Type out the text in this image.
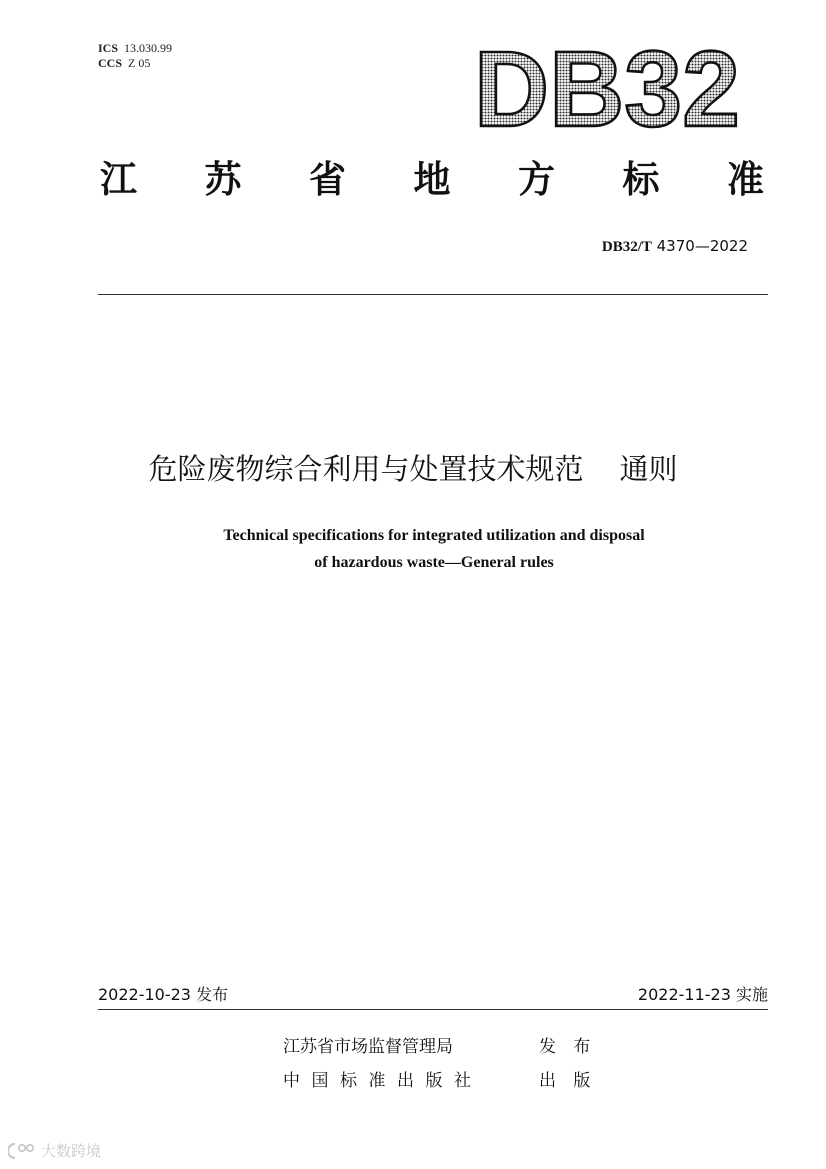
ICS 13.030.99
CCS Z 05	DB32
江 苏 省 地 方 标 准
DB32/T 4370—2022
危险废物综合利用与处置技术规范 通则
Technical specifications for integrated utilization and disposal
of hazardous waste—General rules
2022-10-23 发布	2022-11-23 实施
江苏省市场监督管理局	发 布
中国标准出版社	出 版
大数跨境
